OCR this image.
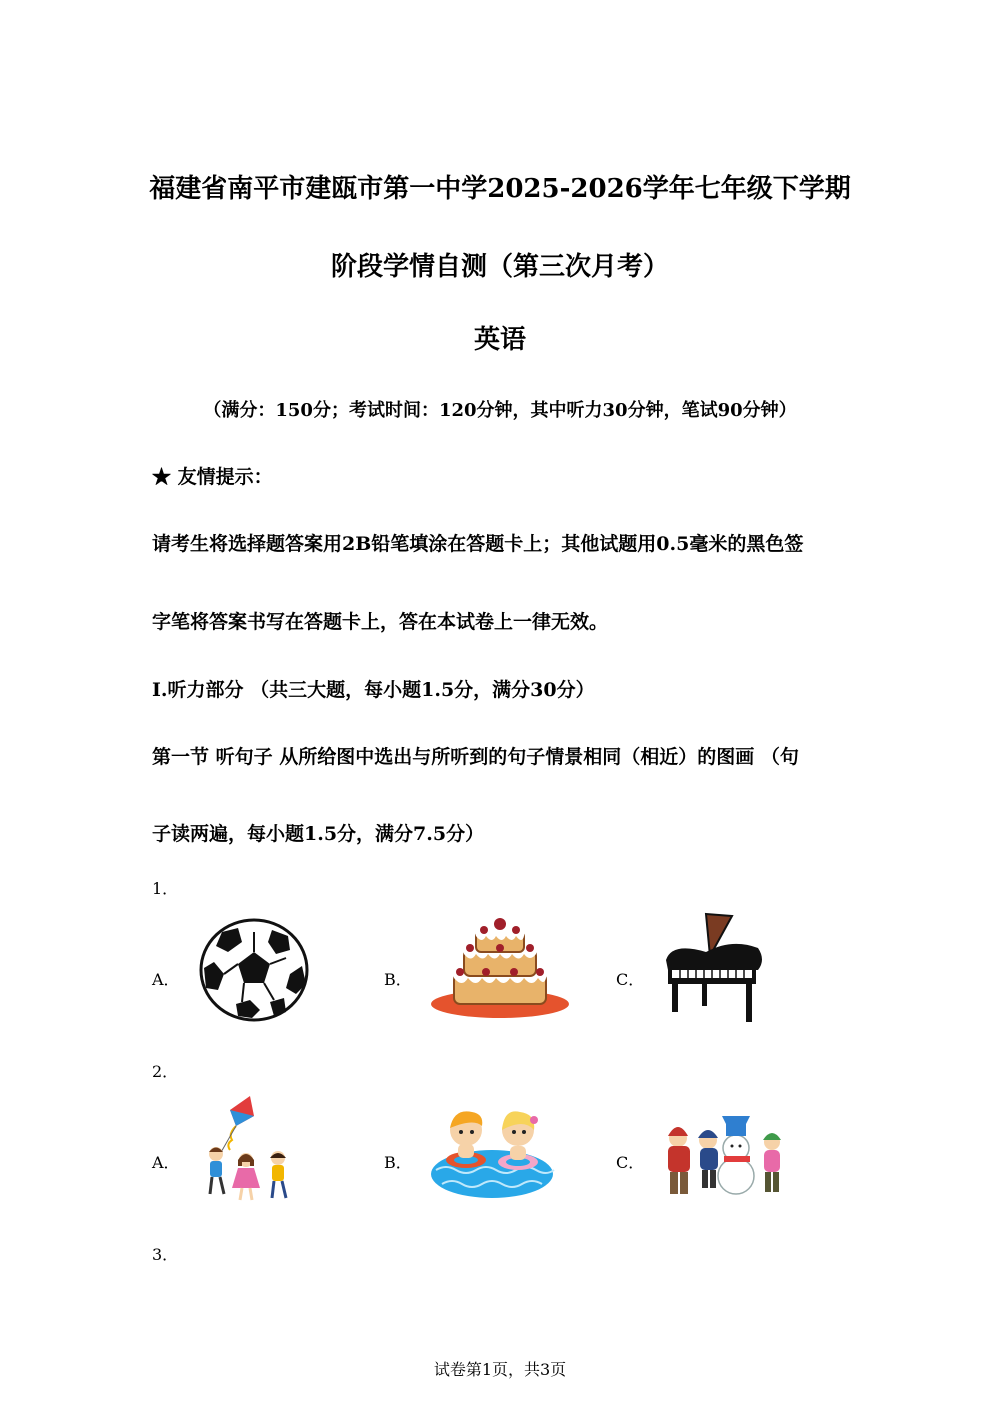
福建省南平市建瓯市第一中学2025-2026学年七年级下学期
阶段学情自测（第三次月考）
英语
（满分：150分；考试时间：120分钟，其中听力30分钟，笔试90分钟）
★ 友情提示：
请考生将选择题答案用2B铅笔填涂在答题卡上；其他试题用0.5毫米的黑色签
字笔将答案书写在答题卡上，答在本试卷上一律无效。
I.听力部分 （共三大题，每小题1.5分，满分30分）
第一节 听句子 从所给图中选出与所听到的句子情景相同（相近）的图画 （句
子读两遍，每小题1.5分，满分7.5分）
1．
A．	B．	C．
2．
A．	B．	C．
3．
试卷第1页，共3页
